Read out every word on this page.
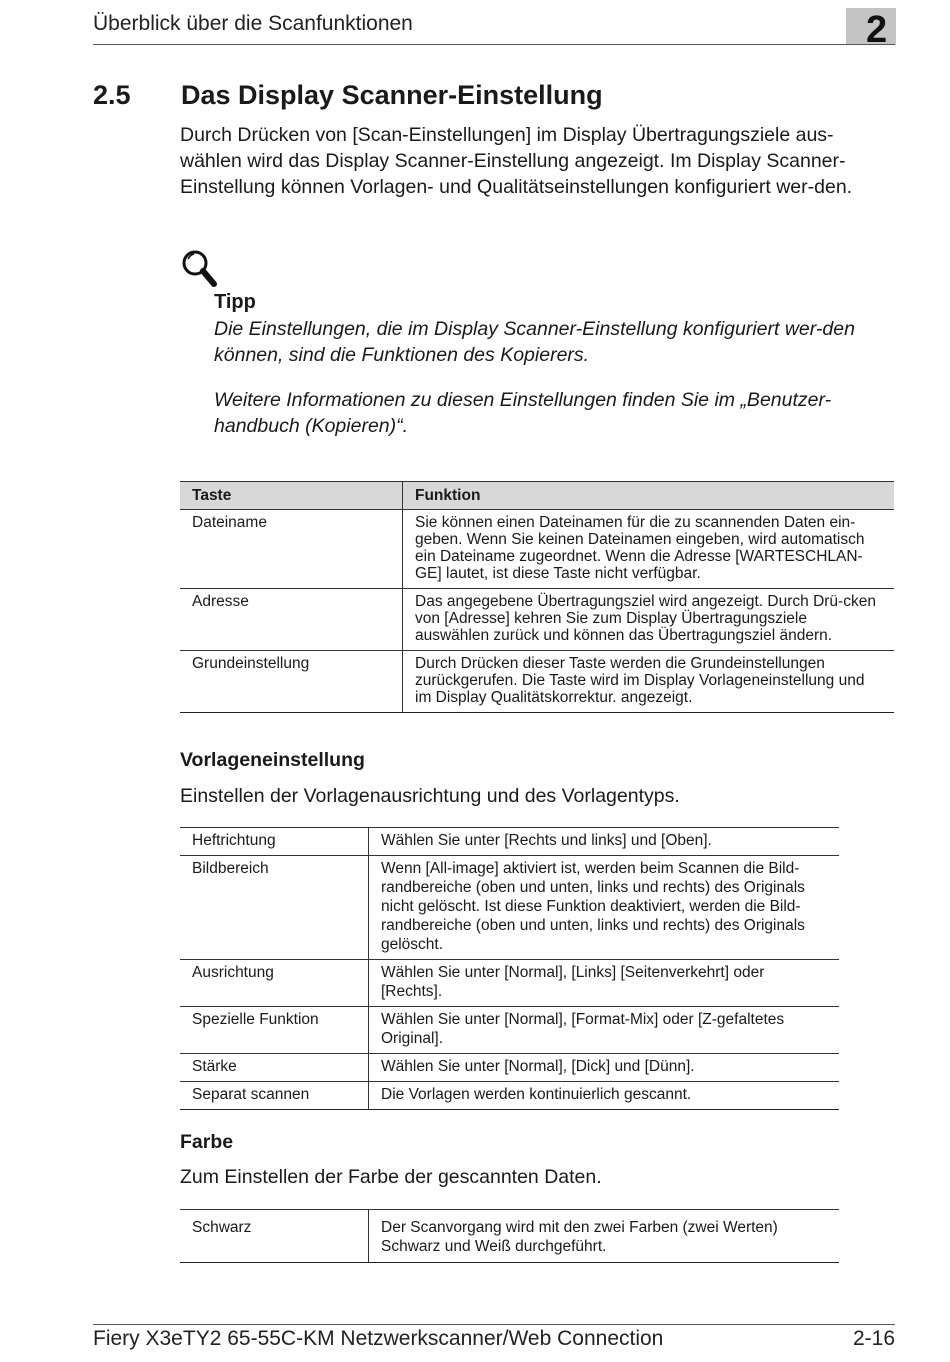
Überblick über die Scanfunktionen	2
2.5 Das Display Scanner-Einstellung
Durch Drücken von [Scan-Einstellungen] im Display Übertragungsziele aus-wählen wird das Display Scanner-Einstellung angezeigt. Im Display Scanner-Einstellung können Vorlagen- und Qualitätseinstellungen konfiguriert wer-den.
Tipp

Die Einstellungen, die im Display Scanner-Einstellung konfiguriert wer-den können, sind die Funktionen des Kopierers.

Weitere Informationen zu diesen Einstellungen finden Sie im „Benutzer-handbuch (Kopieren)“.

Taste	Funktion
Dateiname	Sie können einen Dateinamen für die zu scannenden Daten ein-geben. Wenn Sie keinen Dateinamen eingeben, wird automatisch ein Dateiname zugeordnet. Wenn die Adresse [WARTESCHLAN-GE] lautet, ist diese Taste nicht verfügbar.
Adresse	Das angegebene Übertragungsziel wird angezeigt. Durch Drü-cken von [Adresse] kehren Sie zum Display Übertragungsziele auswählen zurück und können das Übertragungsziel ändern.
Grundeinstellung	Durch Drücken dieser Taste werden die Grundeinstellungen zurückgerufen. Die Taste wird im Display Vorlageneinstellung und im Display Qualitätskorrektur. angezeigt.
Vorlageneinstellung
Einstellen der Vorlagenausrichtung und des Vorlagentyps.
Heftrichtung	Wählen Sie unter [Rechts und links] und [Oben].
Bildbereich	Wenn [All-image] aktiviert ist, werden beim Scannen die Bild-randbereiche (oben und unten, links und rechts) des Originals nicht gelöscht. Ist diese Funktion deaktiviert, werden die Bild-randbereiche (oben und unten, links und rechts) des Originals gelöscht.
Ausrichtung	Wählen Sie unter [Normal], [Links] [Seitenverkehrt] oder [Rechts].
Spezielle Funktion	Wählen Sie unter [Normal], [Format-Mix] oder [Z-gefaltetes Original].
Stärke	Wählen Sie unter [Normal], [Dick] und [Dünn].
Separat scannen	Die Vorlagen werden kontinuierlich gescannt.
Farbe
Zum Einstellen der Farbe der gescannten Daten.
Schwarz	Der Scanvorgang wird mit den zwei Farben (zwei Werten) Schwarz und Weiß durchgeführt.
Fiery X3eTY2 65-55C-KM Netzwerkscanner/Web Connection	2-16
